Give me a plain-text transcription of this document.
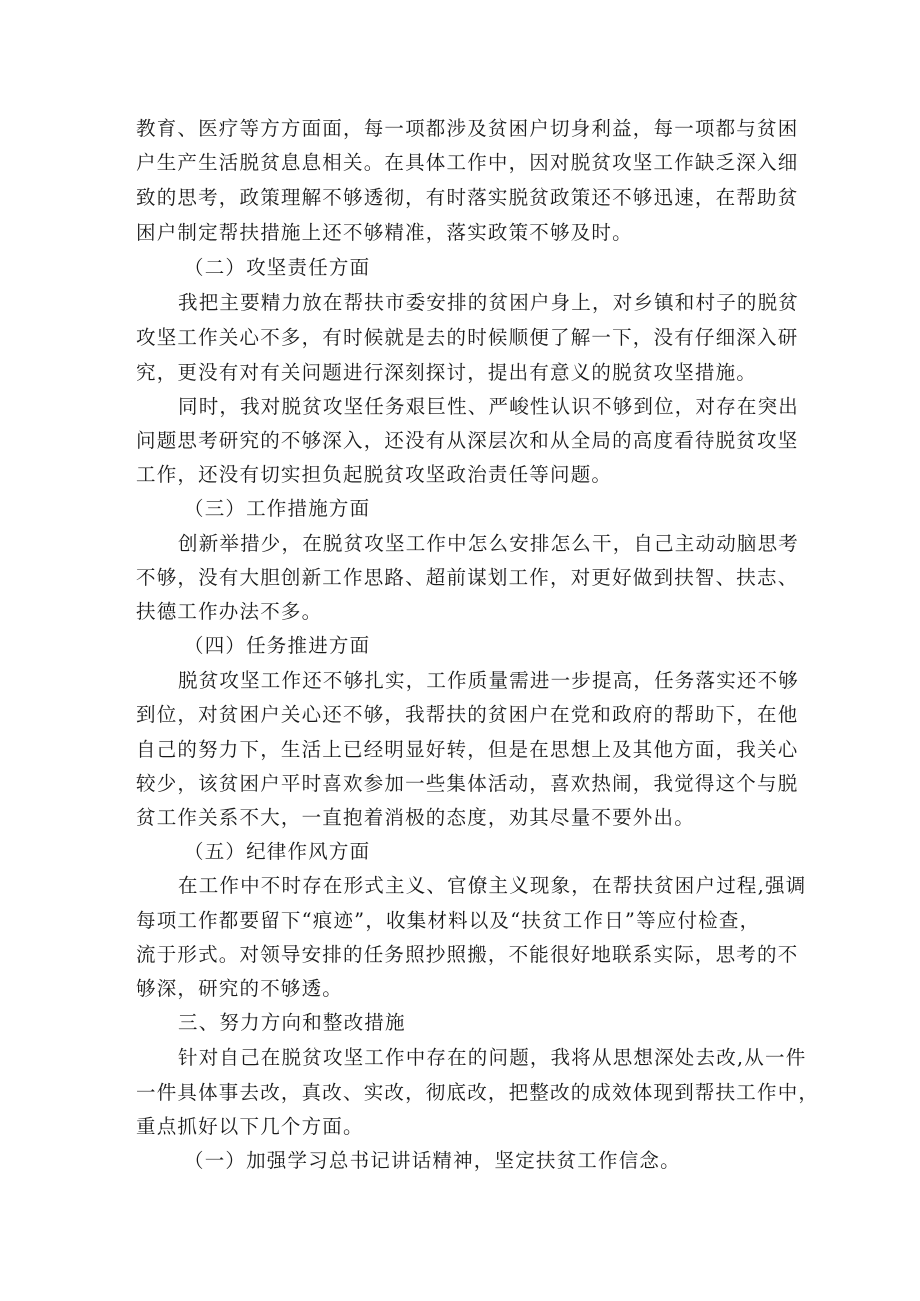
教育、医疗等方方面面，每一项都涉及贫困户切身利益，每一项都与贫困
户生产生活脱贫息息相关。在具体工作中，因对脱贫攻坚工作缺乏深入细
致的思考，政策理解不够透彻，有时落实脱贫政策还不够迅速，在帮助贫
困户制定帮扶措施上还不够精准，落实政策不够及时。
（二）攻坚责任方面
我把主要精力放在帮扶市委安排的贫困户身上，对乡镇和村子的脱贫
攻坚工作关心不多，有时候就是去的时候顺便了解一下，没有仔细深入研
究，更没有对有关问题进行深刻探讨，提出有意义的脱贫攻坚措施。
同时，我对脱贫攻坚任务艰巨性、严峻性认识不够到位，对存在突出
问题思考研究的不够深入，还没有从深层次和从全局的高度看待脱贫攻坚
工作，还没有切实担负起脱贫攻坚政治责任等问题。
（三）工作措施方面
创新举措少，在脱贫攻坚工作中怎么安排怎么干，自己主动动脑思考
不够，没有大胆创新工作思路、超前谋划工作，对更好做到扶智、扶志、
扶德工作办法不多。
（四）任务推进方面
脱贫攻坚工作还不够扎实，工作质量需进一步提高，任务落实还不够
到位，对贫困户关心还不够，我帮扶的贫困户在党和政府的帮助下，在他
自己的努力下，生活上已经明显好转，但是在思想上及其他方面，我关心
较少，该贫困户平时喜欢参加一些集体活动，喜欢热闹，我觉得这个与脱
贫工作关系不大，一直抱着消极的态度，劝其尽量不要外出。
（五）纪律作风方面
在工作中不时存在形式主义、官僚主义现象，在帮扶贫困户过程,强调
每项工作都要留下“痕迹”，收集材料以及“扶贫工作日”等应付检查，
流于形式。对领导安排的任务照抄照搬，不能很好地联系实际，思考的不
够深，研究的不够透。
三、努力方向和整改措施
针对自己在脱贫攻坚工作中存在的问题，我将从思想深处去改,从一件
一件具体事去改，真改、实改，彻底改，把整改的成效体现到帮扶工作中，
重点抓好以下几个方面。
（一）加强学习总书记讲话精神，坚定扶贫工作信念。
